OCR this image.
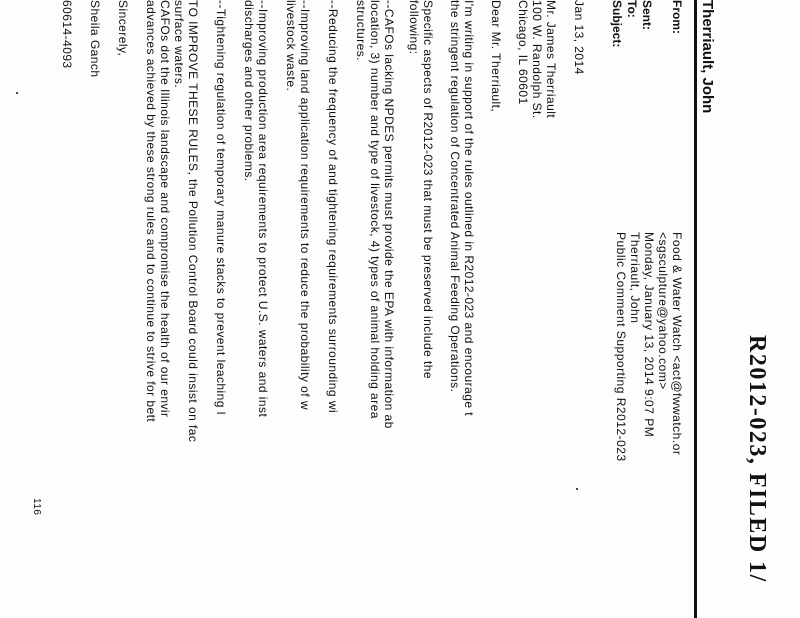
R2012-023, FILED 1/
Therriault, John
From:
Food & Water Watch <act@fwwatch.or
<sgsculpture@yahoo.com>
Sent:
Monday, January 13, 2014 9:07 PM
To:
Therriault, John
Subject:
Public Comment Supporting R2012-023
Jan 13, 2014
Mr. James Therriault
100 W. Randolph St.
Chicago, IL 60601
Dear Mr. Therriault,
I'm writing in support of the rules outlined in R2012-023 and encourage t
the stringent regulation of Concentrated Animal Feeding Operations.
Specific aspects of R2012-023 that must be preserved include the
following:
--CAFOs lacking NPDES permits must provide the EPA with information ab
location, 3) number and type of livestock, 4) types of animal holding area
structures.
--Reducing the frequency of and tightening requirements surrounding wi
--Improving land application requirements to reduce the probability of w
livestock waste.
--Improving production area requirements to protect U.S. waters and inst
discharges and other problems.
--Tightening regulation of temporary manure stacks to prevent leaching l
TO IMPROVE THESE RULES, the Pollution Control Board could insist on fac
surface waters.
CAFOs dot the Illinois landscape and compromise the health of our envir
advances achieved by these strong rules and to continue to strive for bett
Sincerely,
Sheila Ganch
60614-4093
116
